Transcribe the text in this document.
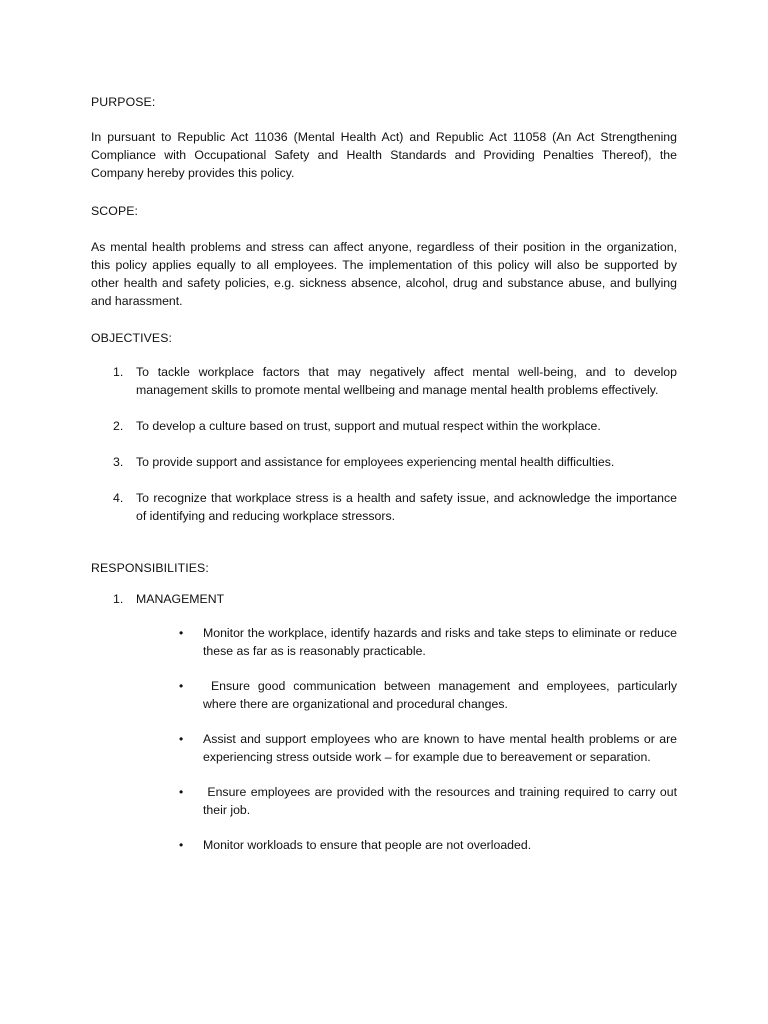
PURPOSE:
In pursuant to Republic Act 11036 (Mental Health Act) and Republic Act 11058 (An Act Strengthening Compliance with Occupational Safety and Health Standards and Providing Penalties Thereof), the Company hereby provides this policy.
SCOPE:
As mental health problems and stress can affect anyone, regardless of their position in the organization, this policy applies equally to all employees. The implementation of this policy will also be supported by other health and safety policies, e.g. sickness absence, alcohol, drug and substance abuse, and bullying and harassment.
OBJECTIVES:
1. To tackle workplace factors that may negatively affect mental well-being, and to develop management skills to promote mental wellbeing and manage mental health problems effectively.
2. To develop a culture based on trust, support and mutual respect within the workplace.
3. To provide support and assistance for employees experiencing mental health difficulties.
4. To recognize that workplace stress is a health and safety issue, and acknowledge the importance of identifying and reducing workplace stressors.
RESPONSIBILITIES:
1. MANAGEMENT
• Monitor the workplace, identify hazards and risks and take steps to eliminate or reduce these as far as is reasonably practicable.
• Ensure good communication between management and employees, particularly where there are organizational and procedural changes.
• Assist and support employees who are known to have mental health problems or are experiencing stress outside work – for example due to bereavement or separation.
• Ensure employees are provided with the resources and training required to carry out their job.
• Monitor workloads to ensure that people are not overloaded.
